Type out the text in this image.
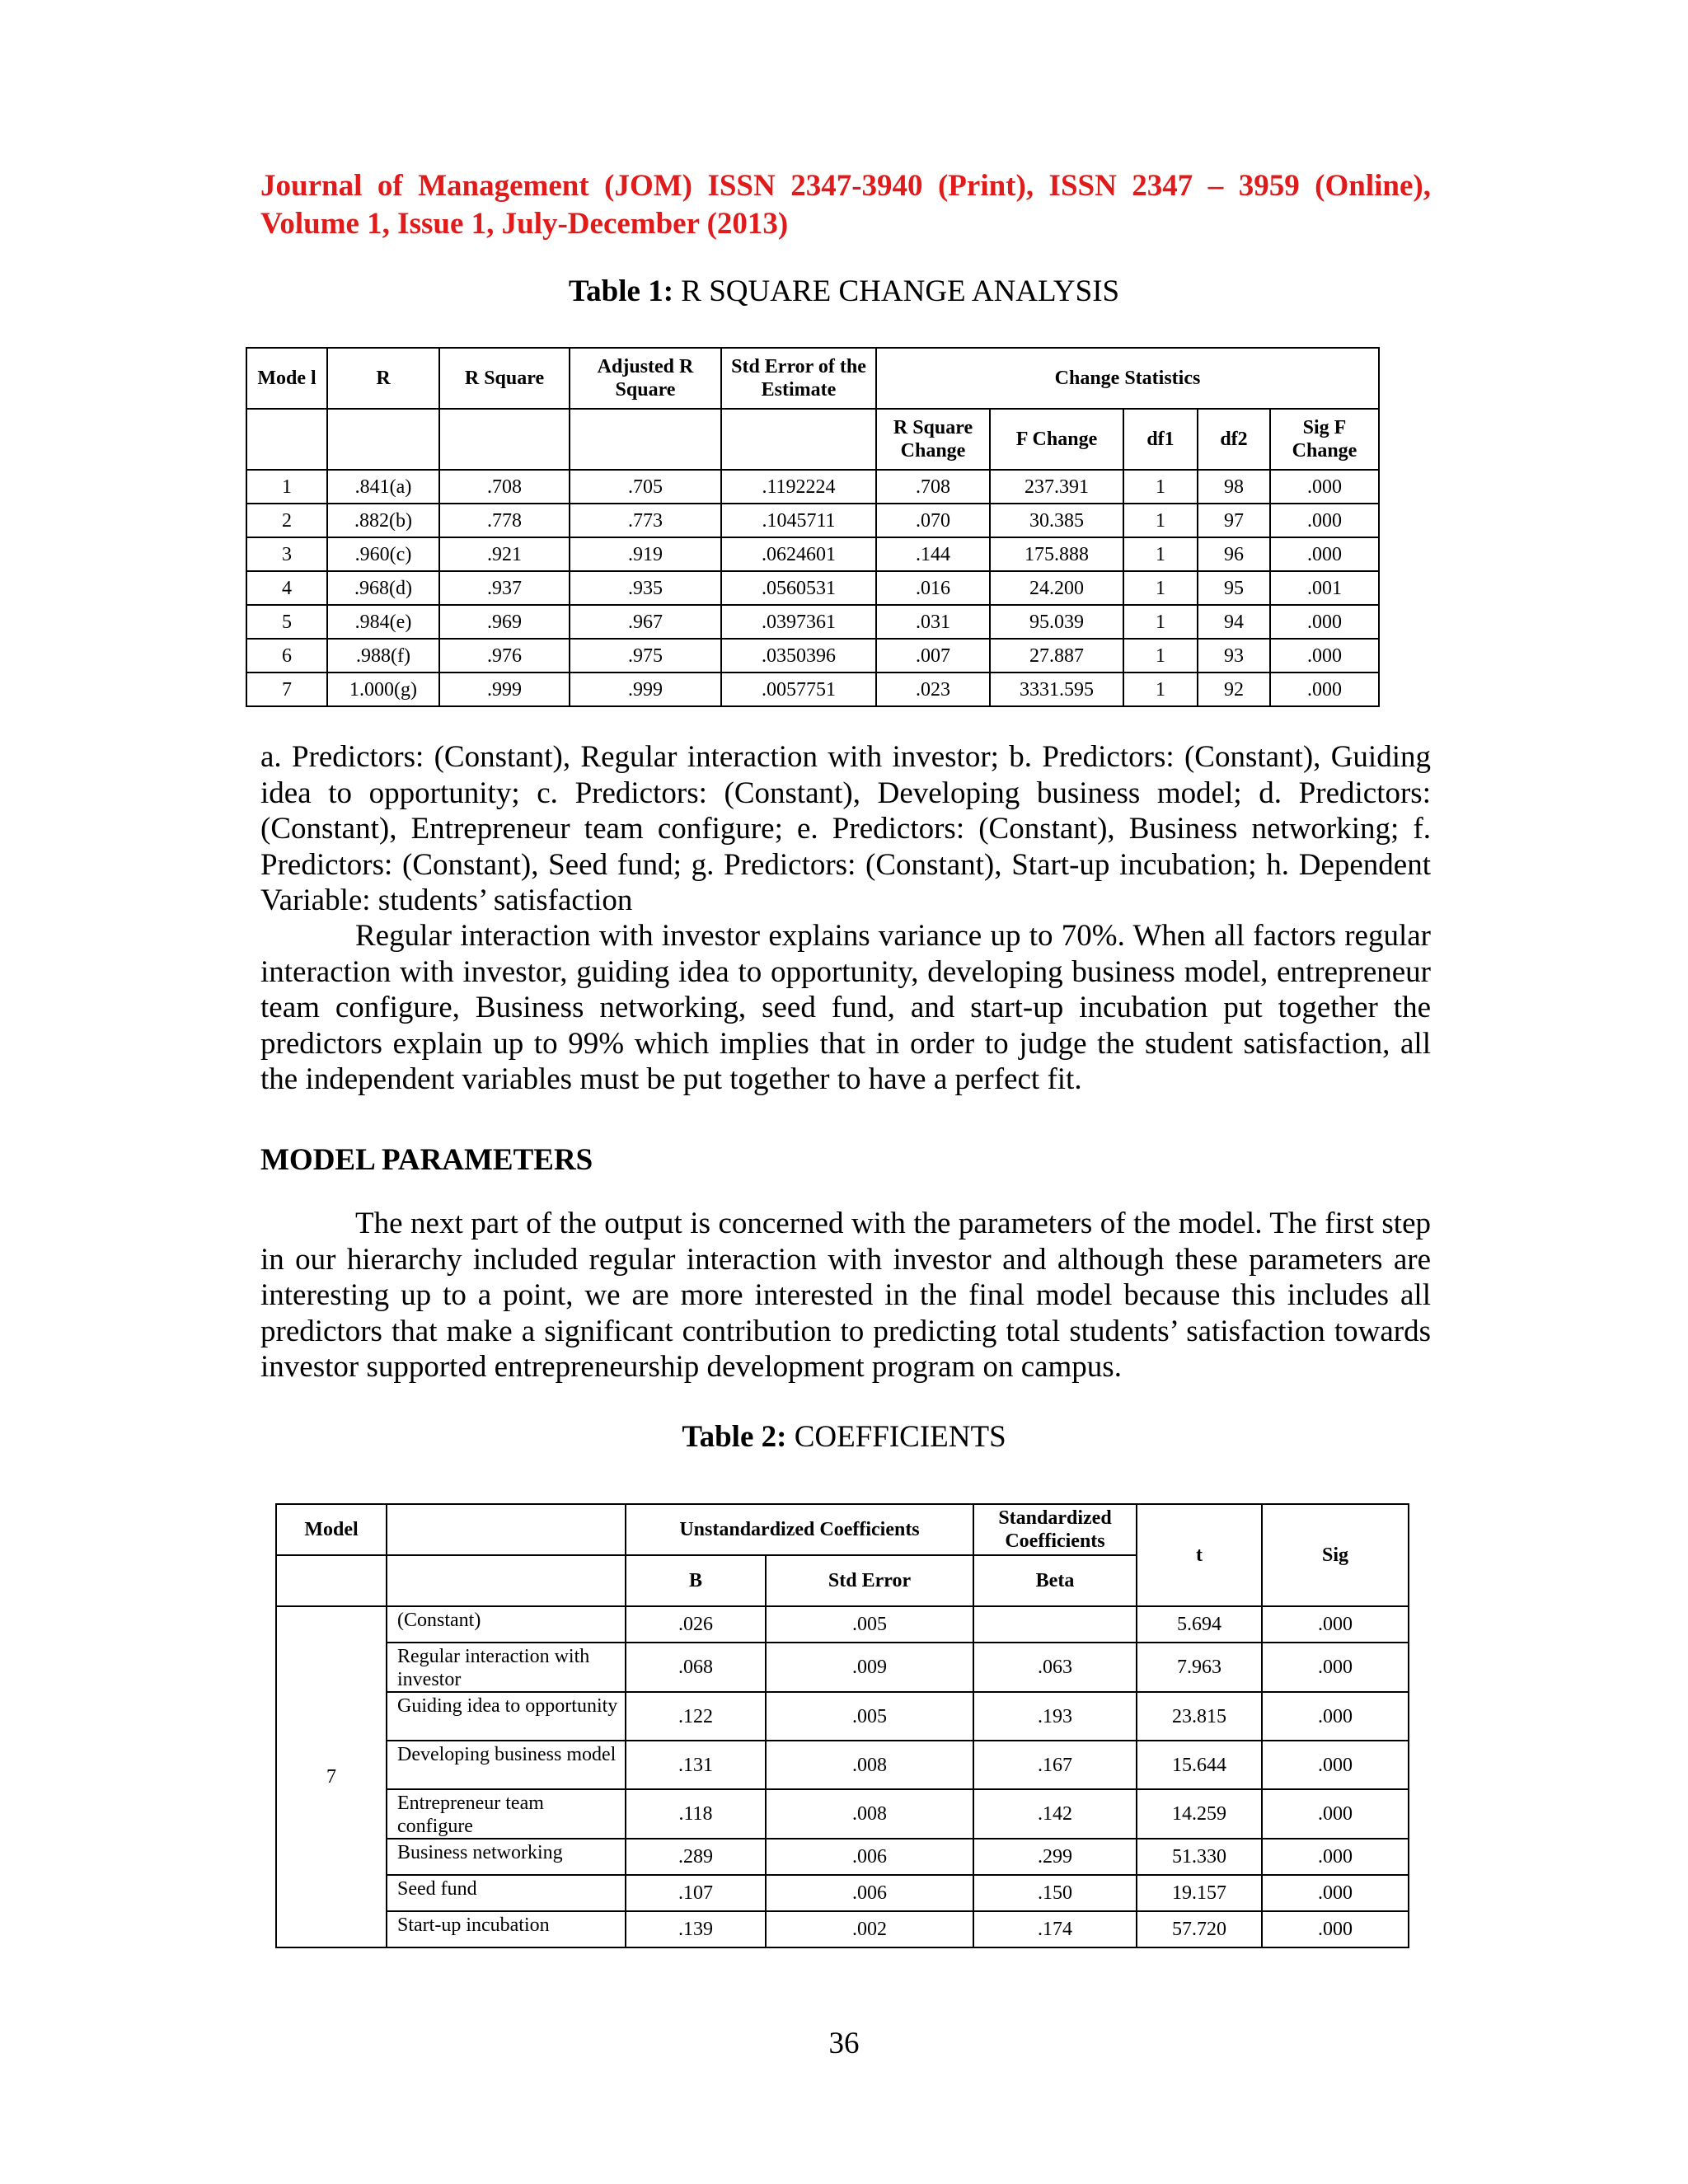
Journal of Management (JOM) ISSN 2347-3940 (Print), ISSN 2347 – 3959 (Online),
Volume 1, Issue 1, July-December (2013)
Table 1: R SQUARE CHANGE ANALYSIS
Mode l	R	R Square	Adjusted R Square	Std Error of the Estimate	Change Statistics				
					R Square Change	F Change	df1	df2	Sig F Change
1	.841(a)	.708	.705	.1192224	.708	237.391	1	98	.000
2	.882(b)	.778	.773	.1045711	.070	30.385	1	97	.000
3	.960(c)	.921	.919	.0624601	.144	175.888	1	96	.000
4	.968(d)	.937	.935	.0560531	.016	24.200	1	95	.001
5	.984(e)	.969	.967	.0397361	.031	95.039	1	94	.000
6	.988(f)	.976	.975	.0350396	.007	27.887	1	93	.000
7	1.000(g)	.999	.999	.0057751	.023	3331.595	1	92	.000

a. Predictors: (Constant), Regular interaction with investor; b. Predictors: (Constant), Guiding idea to opportunity; c. Predictors: (Constant), Developing business model; d. Predictors: (Constant), Entrepreneur team configure; e. Predictors: (Constant), Business networking; f. Predictors: (Constant), Seed fund; g. Predictors: (Constant), Start-up incubation; h. Dependent Variable: students’ satisfaction

Regular interaction with investor explains variance up to 70%. When all factors regular interaction with investor, guiding idea to opportunity, developing business model, entrepreneur team configure, Business networking, seed fund, and start-up incubation put together the predictors explain up to 99% which implies that in order to judge the student satisfaction, all the independent variables must be put together to have a perfect fit.

MODEL PARAMETERS

The next part of the output is concerned with the parameters of the model. The first step in our hierarchy included regular interaction with investor and although these parameters are interesting up to a point, we are more interested in the final model because this includes all predictors that make a significant contribution to predicting total students’ satisfaction towards investor supported entrepreneurship development program on campus.

Table 2: COEFFICIENTS
Model		Unstandardized Coefficients		Standardized Coefficients	t	Sig
		B	Std Error	Beta		
7	(Constant)	.026	.005		5.694	.000
	Regular interaction with investor	.068	.009	.063	7.963	.000
	Guiding idea to opportunity	.122	.005	.193	23.815	.000
	Developing business model	.131	.008	.167	15.644	.000
	Entrepreneur team configure	.118	.008	.142	14.259	.000
	Business networking	.289	.006	.299	51.330	.000
	Seed fund	.107	.006	.150	19.157	.000
	Start-up incubation	.139	.002	.174	57.720	.000
36
